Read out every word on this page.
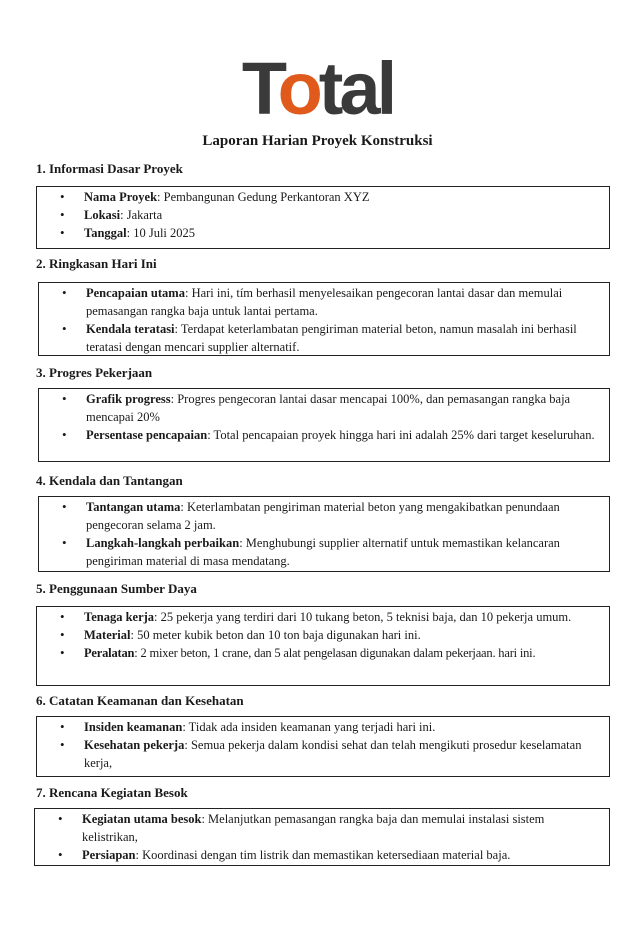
Total
Laporan Harian Proyek Konstruksi
1. Informasi Dasar Proyek
• Nama Proyek: Pembangunan Gedung Perkantoran XYZ
• Lokasi: Jakarta
• Tanggal: 10 Juli 2025
2. Ringkasan Hari Ini
• Pencapaian utama: Hari ini, tím berhasil menyelesaikan pengecoran lantai dasar dan memulai pemasangan rangka baja untuk lantai pertama.
• Kendala teratasi: Terdapat keterlambatan pengiriman material beton, namun masalah ini berhasil teratasi dengan mencari supplier alternatif.
3. Progres Pekerjaan
• Grafik progress: Progres pengecoran lantai dasar mencapai 100%, dan pemasangan rangka baja mencapai 20%
• Persentase pencapaian: Total pencapaian proyek hingga hari ini adalah 25% dari target keseluruhan.
4. Kendala dan Tantangan
• Tantangan utama: Keterlambatan pengiriman material beton yang mengakibatkan penundaan pengecoran selama 2 jam.
• Langkah-langkah perbaikan: Menghubungi supplier alternatif untuk memastikan kelancaran pengiriman material di masa mendatang.
5. Penggunaan Sumber Daya
• Tenaga kerja: 25 pekerja yang terdiri dari 10 tukang beton, 5 teknisi baja, dan 10 pekerja umum.
• Material: 50 meter kubik beton dan 10 ton baja digunakan hari ini.
• Peralatan: 2 mixer beton, 1 crane, dan 5 alat pengelasan digunakan dalam pekerjaan. hari ini.
6. Catatan Keamanan dan Kesehatan
• Insiden keamanan: Tidak ada insiden keamanan yang terjadi hari ini.
• Kesehatan pekerja: Semua pekerja dalam kondisi sehat dan telah mengikuti prosedur keselamatan kerja,
7. Rencana Kegiatan Besok
• Kegiatan utama besok: Melanjutkan pemasangan rangka baja dan memulai instalasi sistem kelistrikan,
• Persiapan: Koordinasi dengan tim listrik dan memastikan ketersediaan material baja.
